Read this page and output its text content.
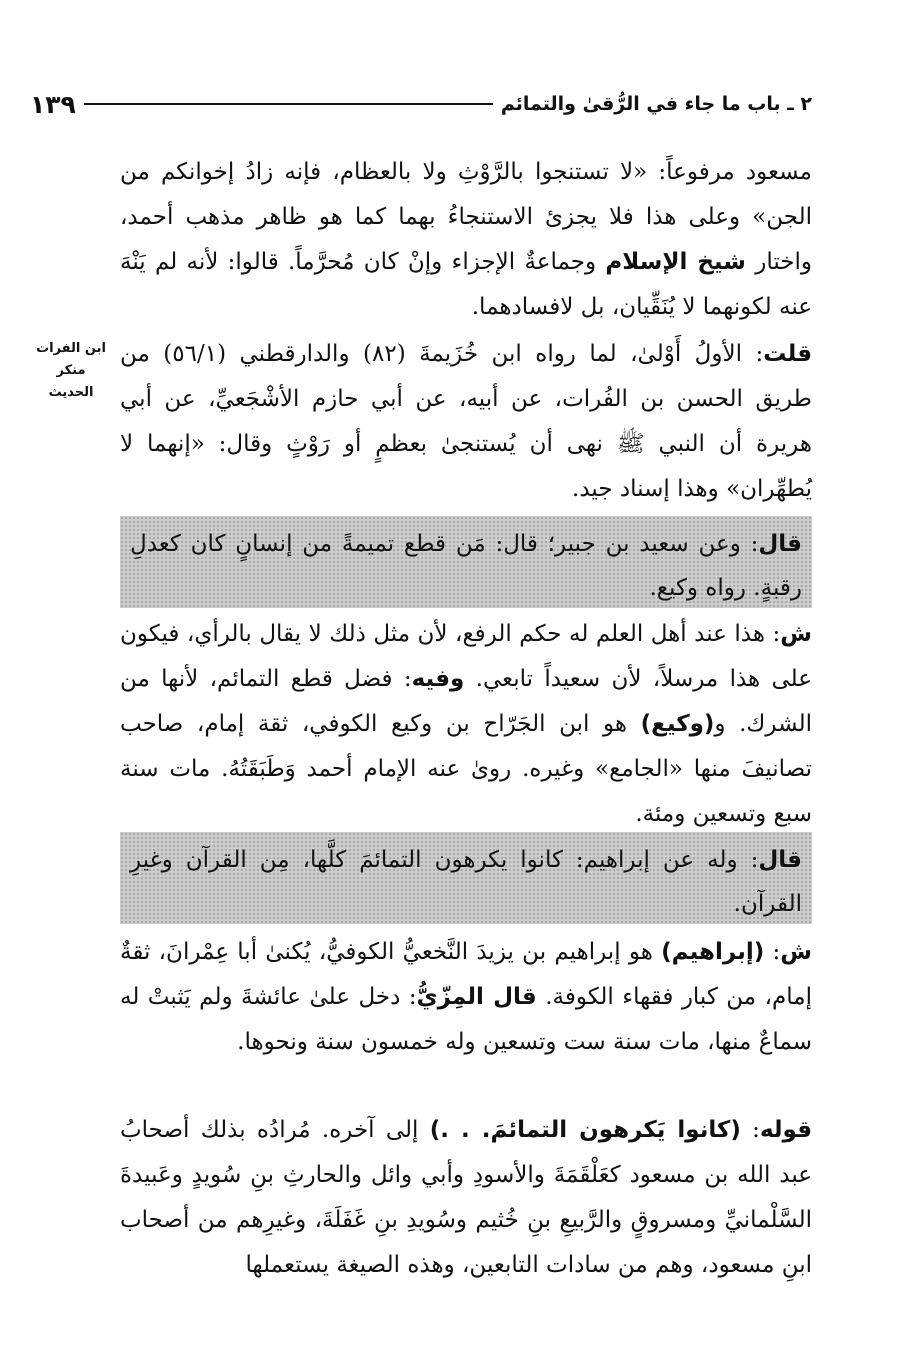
٢ ـ باب ما جاء في الرُّقىٰ والتمائم
١٣٩
مسعود مرفوعاً: «لا تستنجوا بالرَّوْثِ ولا بالعظام، فإنه زادُ إخوانكم من الجن» وعلى هذا فلا يجزئ الاستنجاءُ بهما كما هو ظاهر مذهب أحمد، واختار شيخ الإسلام وجماعةٌ الإجزاء وإنْ كان مُحرَّماً. قالوا: لأنه لم يَنْهَ عنه لكونهما لا يُنَقِّيان، بل لافسادهما.
ابن الفرات
منكر
الحديث
قلت: الأولُ أَوْلىٰ، لما رواه ابن خُزَيمةَ (٨٢) والدارقطني (٥٦/١) من طريق الحسن بن الفُرات، عن أبيه، عن أبي حازم الأشْجَعيِّ، عن أبي هريرة أن النبي ﷺ نهى أن يُستنجىٰ بعظمٍ أو رَوْثٍ وقال: «إنهما لا يُطهِّران» وهذا إسناد جيد.
قال: وعن سعيد بن جبير؛ قال: مَن قطع تميمةً من إنسانٍ كان كعدلِ رقبةٍ. رواه وكيع.
ش: هذا عند أهل العلم له حكم الرفع، لأن مثل ذلك لا يقال بالرأي، فيكون على هذا مرسلاً، لأن سعيداً تابعي. وفيه: فضل قطع التمائم، لأنها من الشرك. و(وكيع) هو ابن الجَرّاح بن وكيع الكوفي، ثقة إمام، صاحب تصانيفَ منها «الجامع» وغيره. روىٰ عنه الإمام أحمد وَطَبَقَتُهُ. مات سنة سبع وتسعين ومئة.
قال: وله عن إبراهيم: كانوا يكرهون التمائمَ كلَّها، مِن القرآن وغيرِ القرآن.
ش: (إبراهيم) هو إبراهيم بن يزيدَ النَّخعيُّ الكوفيُّ، يُكنىٰ أبا عِمْرانَ، ثقةٌ إمام، من كبار فقهاء الكوفة. قال المِزّيُّ: دخل علىٰ عائشةَ ولم يَثبتْ له سماعٌ منها، مات سنة ست وتسعين وله خمسون سنة ونحوها.
قوله: (كانوا يَكرهون التمائمَ. . .) إلى آخره. مُرادُه بذلك أصحابُ عبد الله بن مسعود كعَلْقَمَةَ والأسودِ وأبي وائل والحارثِ بنِ سُويدٍ وعَبيدةَ السَّلْمانيِّ ومسروقٍ والرَّبيعِ بنِ خُثيم وسُويدِ بنِ غَفَلَةَ، وغيرِهم من أصحاب ابنِ مسعود، وهم من سادات التابعين، وهذه الصيغة يستعملها
